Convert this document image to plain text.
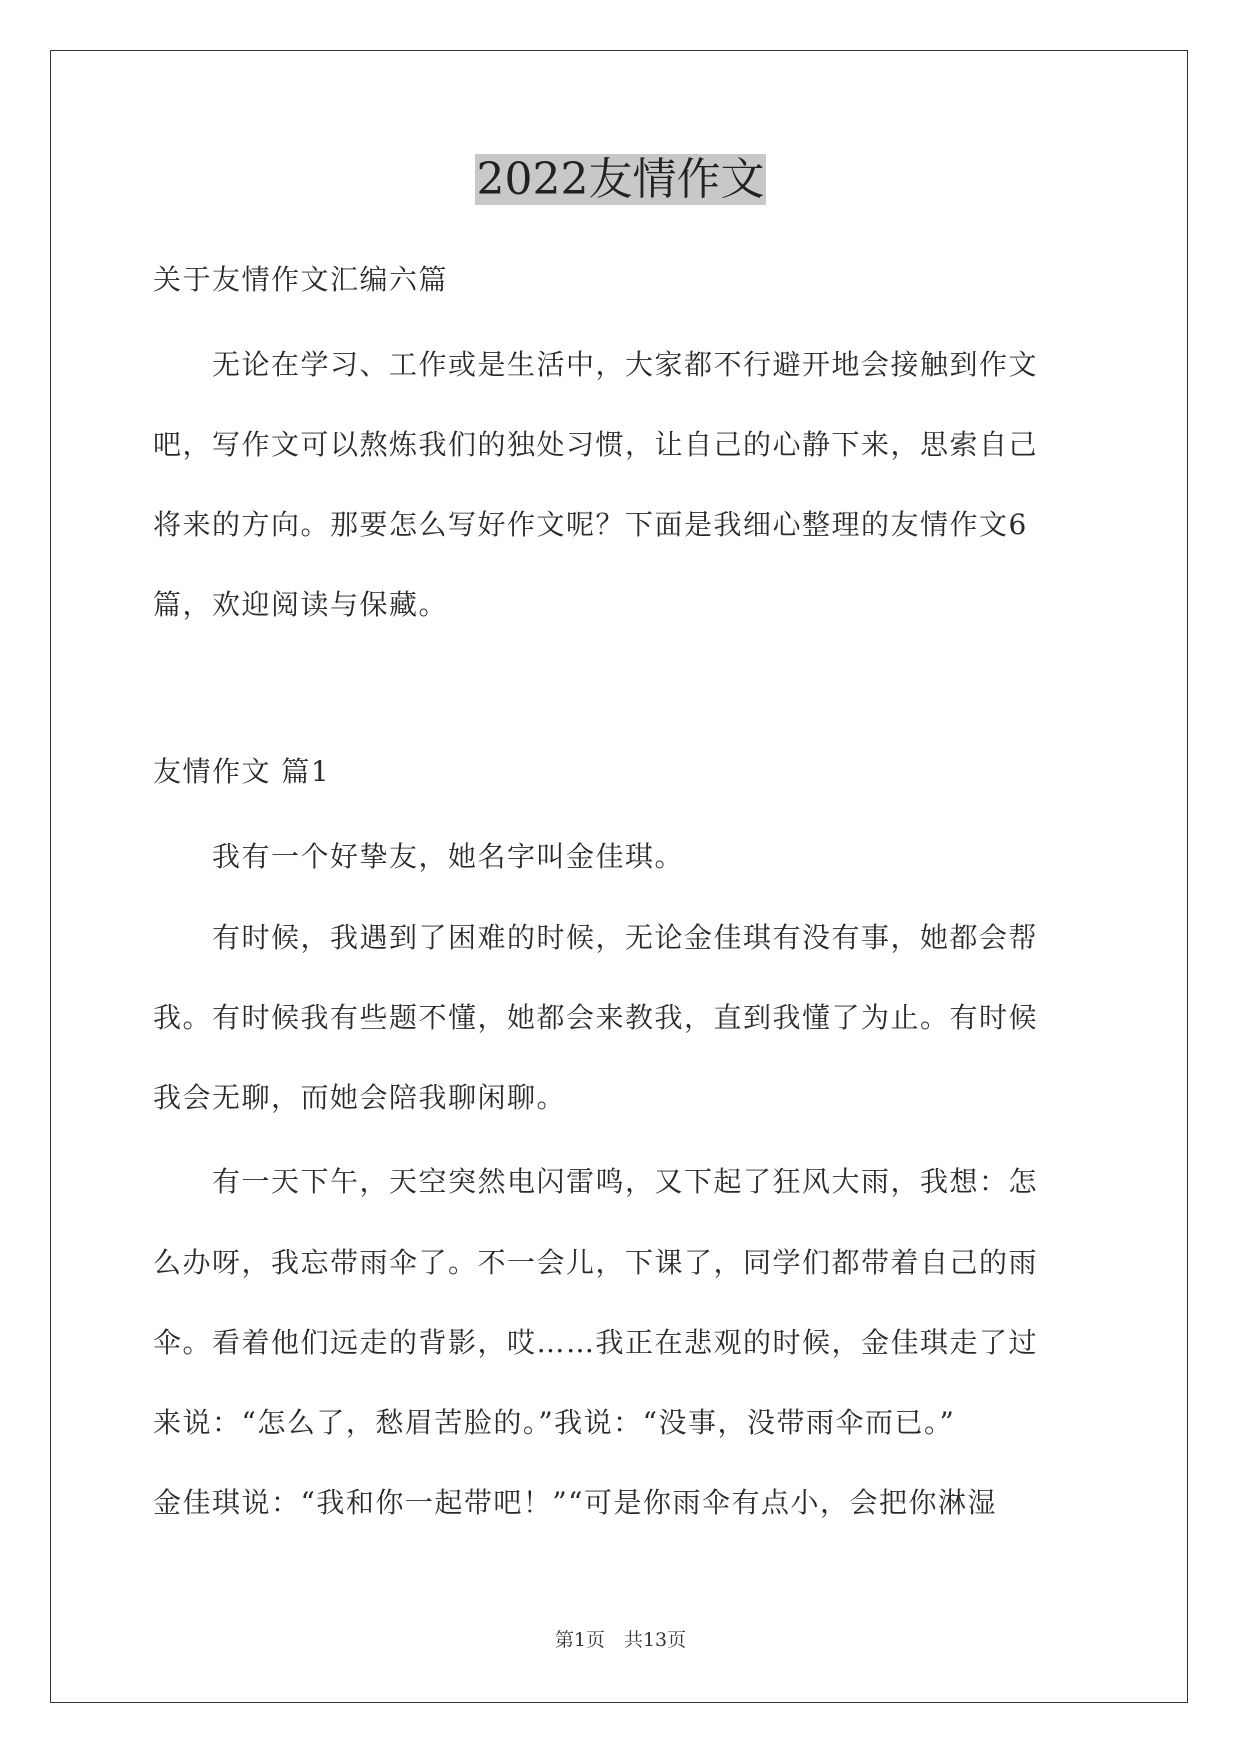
2022友情作文
关于友情作文汇编六篇
　　无论在学习、工作或是生活中，大家都不行避开地会接触到作文
吧，写作文可以熬炼我们的独处习惯，让自己的心静下来，思索自己
将来的方向。那要怎么写好作文呢？下面是我细心整理的友情作文6
篇，欢迎阅读与保藏。
友情作文 篇1
　　我有一个好挚友，她名字叫金佳琪。
　　有时候，我遇到了困难的时候，无论金佳琪有没有事，她都会帮
我。有时候我有些题不懂，她都会来教我，直到我懂了为止。有时候
我会无聊，而她会陪我聊闲聊。
　　有一天下午，天空突然电闪雷鸣，又下起了狂风大雨，我想：怎
么办呀，我忘带雨伞了。不一会儿，下课了，同学们都带着自己的雨
伞。看着他们远走的背影，哎……我正在悲观的时候，金佳琪走了过
来说：“怎么了，愁眉苦脸的。”我说：“没事，没带雨伞而已。”
金佳琪说：“我和你一起带吧！”“可是你雨伞有点小，会把你淋湿
第1页　共13页
